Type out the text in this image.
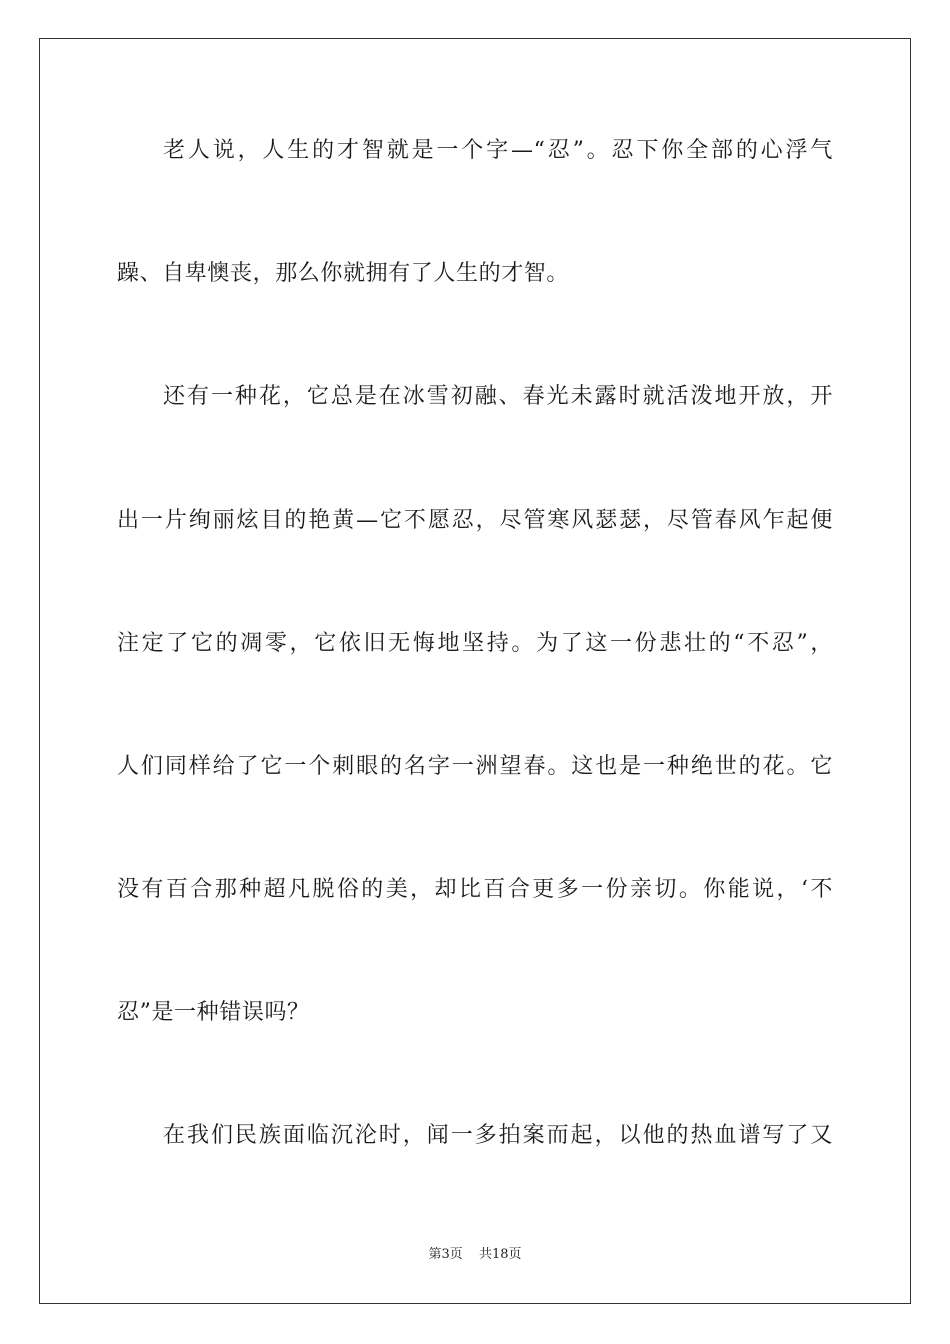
老人说，人生的才智就是一个字—“忍”。忍下你全部的心浮气
躁、自卑懊丧，那么你就拥有了人生的才智。
还有一种花，它总是在冰雪初融、春光未露时就活泼地开放，开
出一片绚丽炫目的艳黄—它不愿忍，尽管寒风瑟瑟，尽管春风乍起便
注定了它的凋零，它依旧无悔地坚持。为了这一份悲壮的“不忍”，
人们同样给了它一个刺眼的名字一洲望春。这也是一种绝世的花。它
没有百合那种超凡脱俗的美，却比百合更多一份亲切。你能说，‘不
忍”是一种错误吗？
在我们民族面临沉沦时，闻一多拍案而起，以他的热血谱写了又
第3页 共18页
